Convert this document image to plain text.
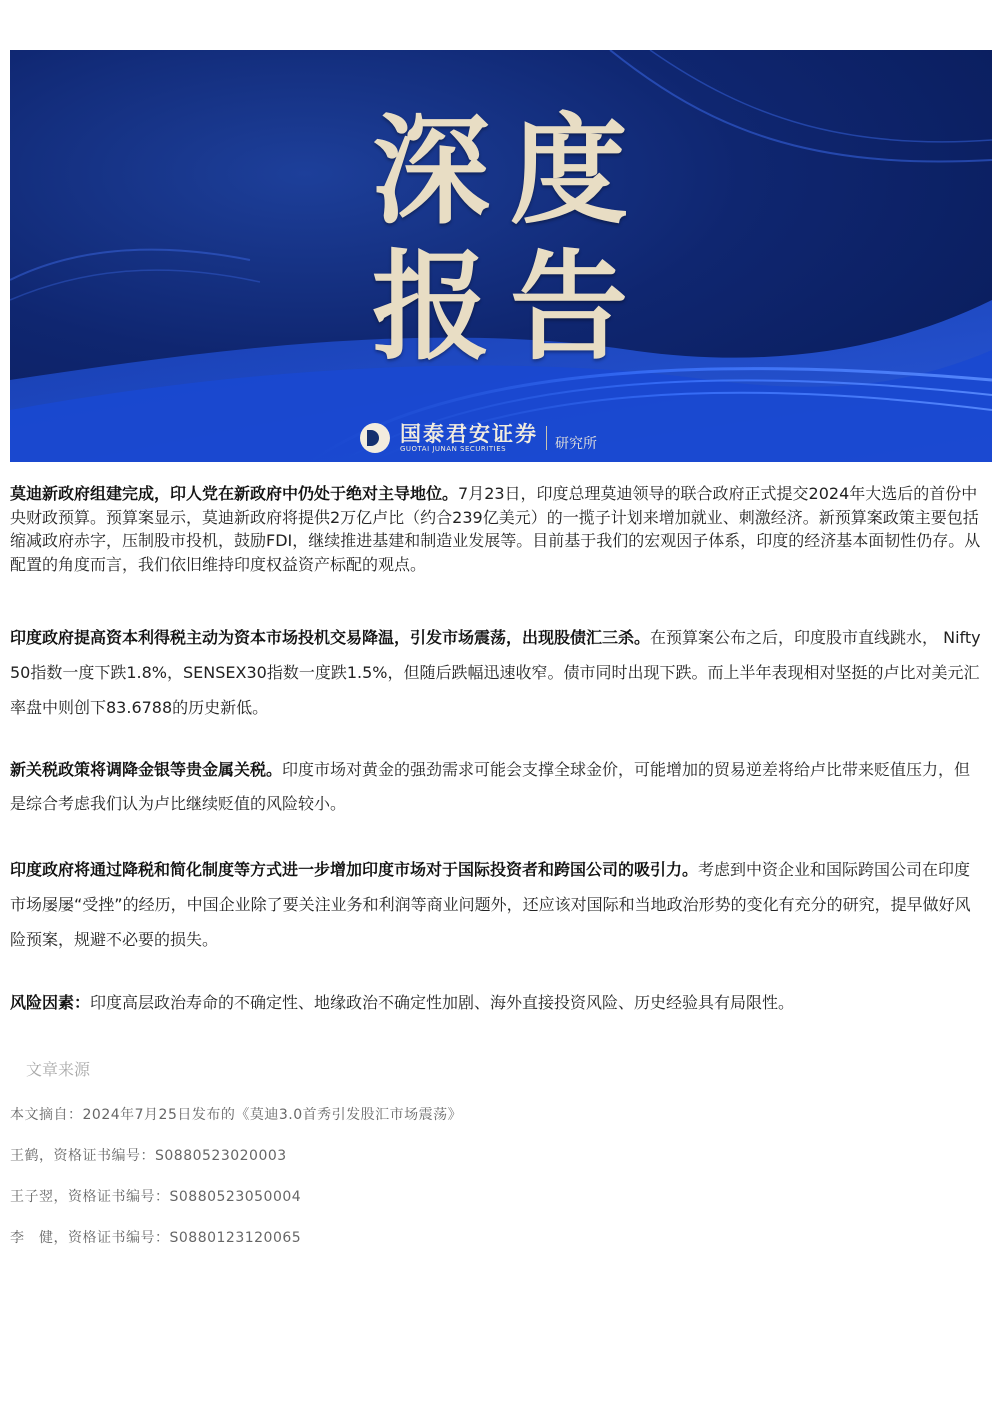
深 度
报 告
国泰君安证券
GUOTAI JUNAN SECURITIES	研究所

莫迪新政府组建完成，印人党在新政府中仍处于绝对主导地位。7月23日，印度总理莫迪领导的联合政府正式提交2024年大选后的首份中央财政预算。预算案显示，莫迪新政府将提供2万亿卢比（约合239亿美元）的一揽子计划来增加就业、刺激经济。新预算案政策主要包括缩减政府赤字，压制股市投机，鼓励FDI，继续推进基建和制造业发展等。目前基于我们的宏观因子体系，印度的经济基本面韧性仍存。从配置的角度而言，我们依旧维持印度权益资产标配的观点。

印度政府提高资本利得税主动为资本市场投机交易降温，引发市场震荡，出现股债汇三杀。在预算案公布之后，印度股市直线跳水， Nifty 50指数一度下跌1.8%，SENSEX30指数一度跌1.5%，但随后跌幅迅速收窄。债市同时出现下跌。而上半年表现相对坚挺的卢比对美元汇率盘中则创下83.6788的历史新低。

新关税政策将调降金银等贵金属关税。印度市场对黄金的强劲需求可能会支撑全球金价，可能增加的贸易逆差将给卢比带来贬值压力，但是综合考虑我们认为卢比继续贬值的风险较小。

印度政府将通过降税和简化制度等方式进一步增加印度市场对于国际投资者和跨国公司的吸引力。考虑到中资企业和国际跨国公司在印度市场屡屡“受挫”的经历，中国企业除了要关注业务和利润等商业问题外，还应该对国际和当地政治形势的变化有充分的研究，提早做好风险预案，规避不必要的损失。

风险因素：印度高层政治寿命的不确定性、地缘政治不确定性加剧、海外直接投资风险、历史经验具有局限性。

文章来源
本文摘自：2024年7月25日发布的《莫迪3.0首秀引发股汇市场震荡》
王鹤，资格证书编号：S0880523020003
王子翌，资格证书编号：S0880523050004
李　健，资格证书编号：S0880123120065
